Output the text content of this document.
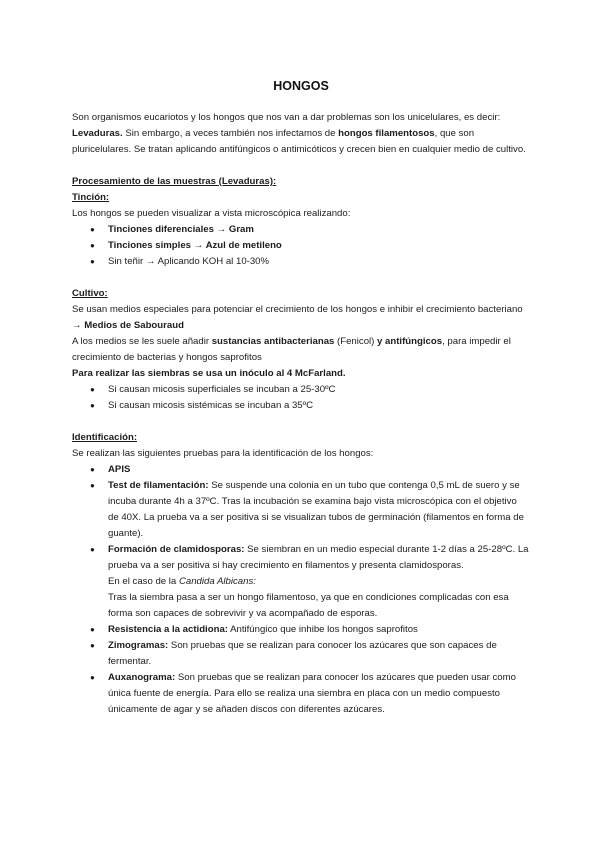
HONGOS

Son organismos eucariotos y los hongos que nos van a dar problemas son los unicelulares, es decir: Levaduras. Sin embargo, a veces también nos infectamos de hongos filamentosos, que son pluricelulares. Se tratan aplicando antifúngicos o antimicóticos y crecen bien en cualquier medio de cultivo.

Procesamiento de las muestras (Levaduras):

Tinción:

Los hongos se pueden visualizar a vista microscópica realizando:

● Tinciones diferenciales → Gram
● Tinciones simples → Azul de metileno
● Sin teñir → Aplicando KOH al 10-30%

Cultivo:

Se usan medios especiales para potenciar el crecimiento de los hongos e inhibir el crecimiento bacteriano → Medios de Sabouraud

A los medios se les suele añadir sustancias antibacterianas (Fenicol) y antifúngicos, para impedir el crecimiento de bacterias y hongos saprofitos

Para realizar las siembras se usa un inóculo al 4 McFarland.

● Si causan micosis superficiales se incuban a 25-30ºC
● Si causan micosis sistémicas se incuban a 35ºC

Identificación:

Se realizan las siguientes pruebas para la identificación de los hongos:

● APIS
● Test de filamentación: Se suspende una colonia en un tubo que contenga 0,5 mL de suero y se incuba durante 4h a 37ºC. Tras la incubación se examina bajo vista microscópica con el objetivo de 40X. La prueba va a ser positiva si se visualizan tubos de germinación (filamentos en forma de guante).
● Formación de clamidosporas: Se siembran en un medio especial durante 1-2 días a 25-28ºC. La prueba va a ser positiva si hay crecimiento en filamentos y presenta clamidosporas.
En el caso de la Candida Albicans:
Tras la siembra pasa a ser un hongo filamentoso, ya que en condiciones complicadas con esa forma son capaces de sobrevivir y va acompañado de esporas.
● Resistencia a la actidiona: Antifúngico que inhibe los hongos saprofitos
● Zimogramas: Son pruebas que se realizan para conocer los azúcares que son capaces de fermentar.
● Auxanograma: Son pruebas que se realizan para conocer los azúcares que pueden usar como única fuente de energía. Para ello se realiza una siembra en placa con un medio compuesto únicamente de agar y se añaden discos con diferentes azúcares.
